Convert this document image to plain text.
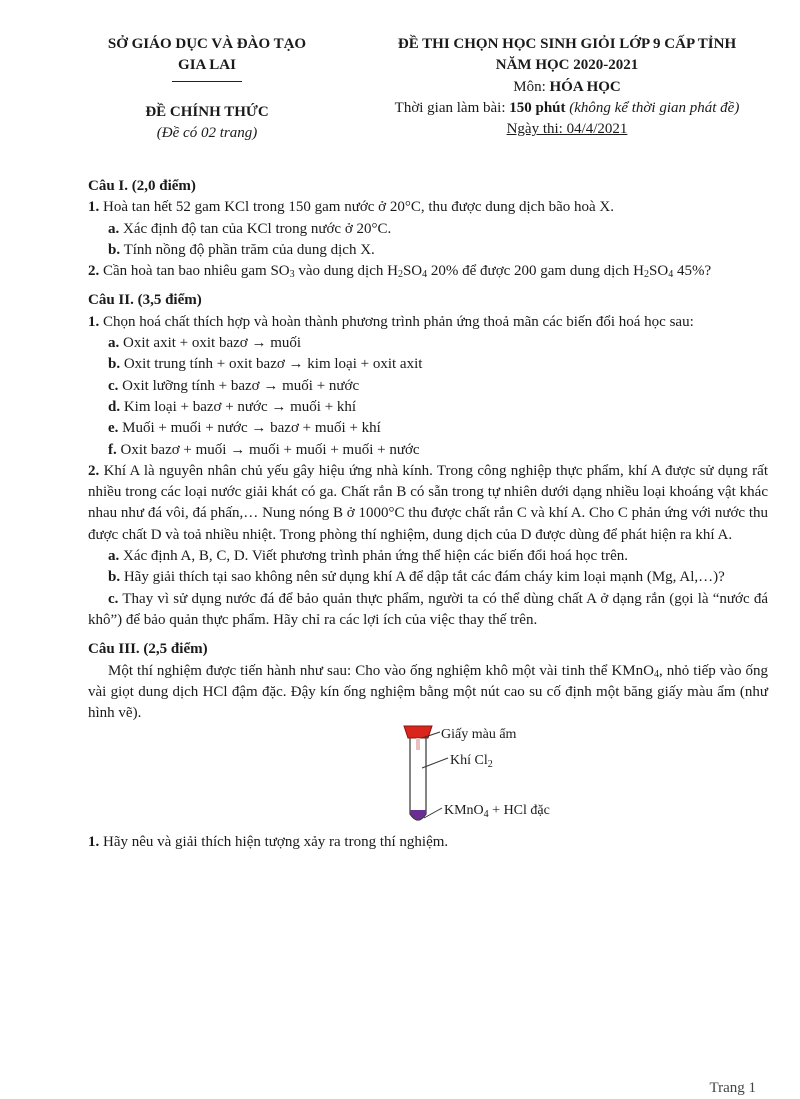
SỞ GIÁO DỤC VÀ ĐÀO TẠO
GIA LAI
ĐỀ CHÍNH THỨC
(Đề có 02 trang)
ĐỀ THI CHỌN HỌC SINH GIỎI LỚP 9 CẤP TỈNH
NĂM HỌC 2020-2021
Môn: HÓA HỌC
Thời gian làm bài: 150 phút (không kể thời gian phát đề)
Ngày thi: 04/4/2021

Câu I. (2,0 điểm)

1. Hoà tan hết 52 gam KCl trong 150 gam nước ở 20°C, thu được dung dịch bão hoà X.

a. Xác định độ tan của KCl trong nước ở 20°C.

b. Tính nồng độ phần trăm của dung dịch X.

2. Cần hoà tan bao nhiêu gam $SO_3$ vào dung dịch $H_2SO_4$ 20% để được 200 gam dung dịch $H_2SO_4$ 45%?

Câu II. (3,5 điểm)

1. Chọn hoá chất thích hợp và hoàn thành phương trình phản ứng thoả mãn các biến đổi hoá học sau:

a. Oxit axit + oxit bazơ → muối

b. Oxit trung tính + oxit bazơ → kim loại + oxit axit

c. Oxit lưỡng tính + bazơ → muối + nước

d. Kim loại + bazơ + nước → muối + khí

e. Muối + muối + nước → bazơ + muối + khí

f. Oxit bazơ + muối → muối + muối + muối + nước

2. Khí A là nguyên nhân chủ yếu gây hiệu ứng nhà kính. Trong công nghiệp thực phẩm, khí A được sử dụng rất nhiều trong các loại nước giải khát có ga. Chất rắn B có sẵn trong tự nhiên dưới dạng nhiều loại khoáng vật khác nhau như đá vôi, đá phấn,… Nung nóng B ở 1000°C thu được chất rắn C và khí A. Cho C phản ứng với nước thu được chất D và toả nhiều nhiệt. Trong phòng thí nghiệm, dung dịch của D được dùng để phát hiện ra khí A.

a. Xác định A, B, C, D. Viết phương trình phản ứng thể hiện các biến đổi hoá học trên.

b. Hãy giải thích tại sao không nên sử dụng khí A để dập tắt các đám cháy kim loại mạnh (Mg, Al,…)?

c. Thay vì sử dụng nước đá để bảo quản thực phẩm, người ta có thể dùng chất A ở dạng rắn (gọi là “nước đá khô”) để bảo quản thực phẩm. Hãy chỉ ra các lợi ích của việc thay thế trên.

Câu III. (2,5 điểm)

Một thí nghiệm được tiến hành như sau: Cho vào ống nghiệm khô một vài tinh thể KMnO$_4$, nhỏ tiếp vào ống vài giọt dung dịch HCl đậm đặc. Đậy kín ống nghiệm bằng một nút cao su cố định một băng giấy màu ẩm (như hình vẽ).

Giấy màu ẩm
Khí $Cl_2$
KMnO$_4$ + HCl đặc

1. Hãy nêu và giải thích hiện tượng xảy ra trong thí nghiệm.

Trang 1
